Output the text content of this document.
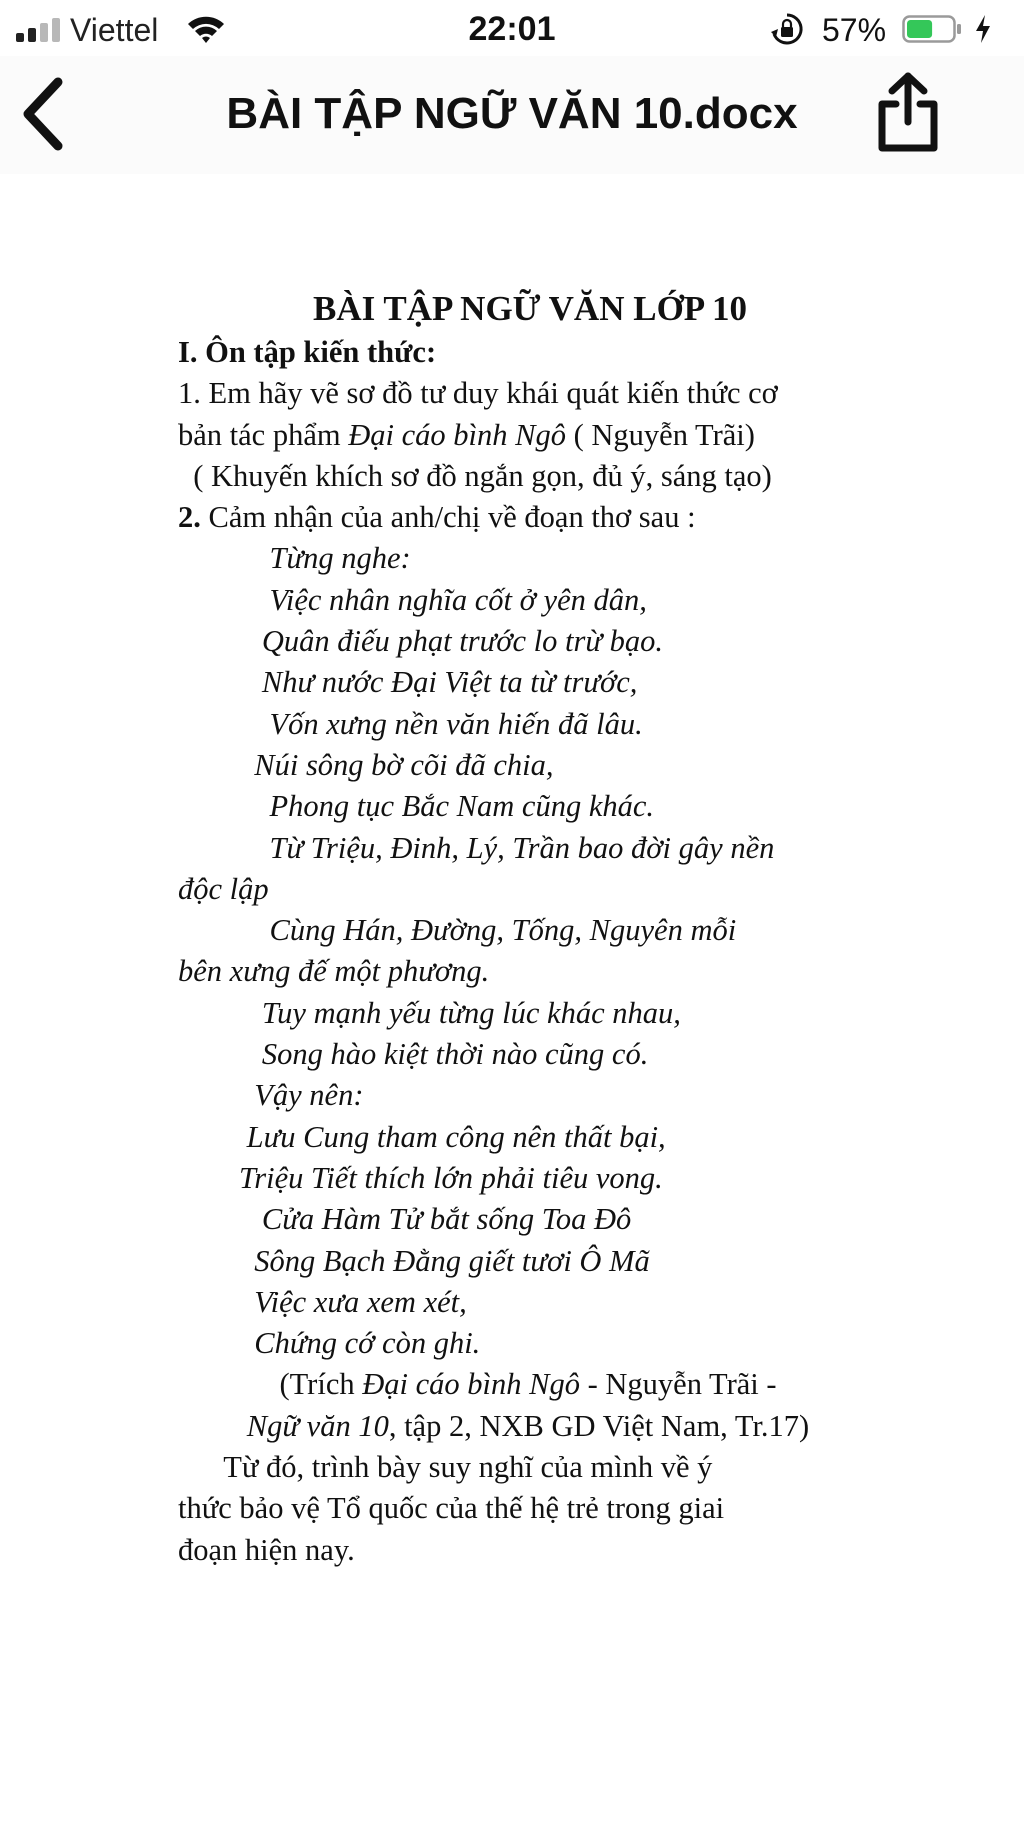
Viettel	22:01	57%
BÀI TẬP NGỮ VĂN 10.docx

BÀI TẬP NGỮ VĂN LỚP 10

I. Ôn tập kiến thức:

1. Em hãy vẽ sơ đồ tư duy khái quát kiến thức cơ

bản tác phẩm Đại cáo bình Ngô ( Nguyễn Trãi)

( Khuyến khích sơ đồ ngắn gọn, đủ ý, sáng tạo)

2. Cảm nhận của anh/chị về đoạn thơ sau :

Từng nghe:

Việc nhân nghĩa cốt ở yên dân,

Quân điếu phạt trước lo trừ bạo.

Như nước Đại Việt ta từ trước,

Vốn xưng nền văn hiến đã lâu.

Núi sông bờ cõi đã chia,

Phong tục Bắc Nam cũng khác.

Từ Triệu, Đinh, Lý, Trần bao đời gây nền

độc lập

Cùng Hán, Đường, Tống, Nguyên mỗi

bên xưng đế một phương.

Tuy mạnh yếu từng lúc khác nhau,

Song hào kiệt thời nào cũng có.

Vậy nên:

Lưu Cung tham công nên thất bại,

Triệu Tiết thích lớn phải tiêu vong.

Cửa Hàm Tử bắt sống Toa Đô

Sông Bạch Đằng giết tươi Ô Mã

Việc xưa xem xét,

Chứng cớ còn ghi.

(Trích Đại cáo bình Ngô - Nguyễn Trãi -

Ngữ văn 10, tập 2, NXB GD Việt Nam, Tr.17)

Từ đó, trình bày suy nghĩ của mình về ý

thức bảo vệ Tổ quốc của thế hệ trẻ trong giai

đoạn hiện nay.
